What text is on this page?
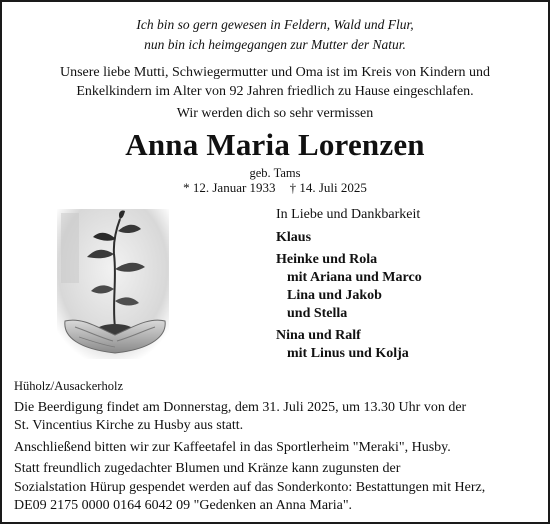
Ich bin so gern gewesen in Feldern, Wald und Flur,
nun bin ich heimgegangen zur Mutter der Natur.
Unsere liebe Mutti, Schwiegermutter und Oma ist im Kreis von Kindern und
Enkelkindern im Alter von 92 Jahren friedlich zu Hause eingeschlafen.
Wir werden dich so sehr vermissen
Anna Maria Lorenzen
geb. Tams
* 12. Januar 1933 † 14. Juli 2025
In Liebe und Dankbarkeit
Klaus
Heinke und Rola
mit Ariana und Marco
Lina und Jakob
und Stella
Nina und Ralf
mit Linus und Kolja
Hüholz/Ausackerholz

Die Beerdigung findet am Donnerstag, dem 31. Juli 2025, um 13.30 Uhr von der
St. Vincentius Kirche zu Husby aus statt.

Anschließend bitten wir zur Kaffeetafel in das Sportlerheim "Meraki", Husby.

Statt freundlich zugedachter Blumen und Kränze kann zugunsten der
Sozialstation Hürup gespendet werden auf das Sonderkonto: Bestattungen mit Herz,
DE09 2175 0000 0164 6042 09 "Gedenken an Anna Maria".
